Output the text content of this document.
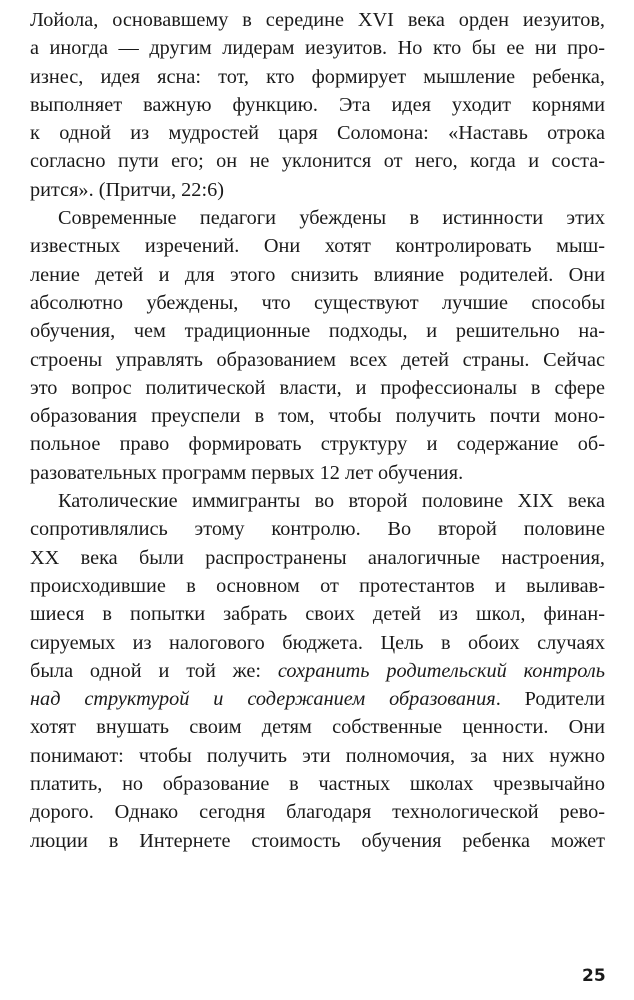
Лойола, основавшему в середине XVI века орден иезуитов,
а иногда — другим лидерам иезуитов. Но кто бы ее ни про-
изнес, идея ясна: тот, кто формирует мышление ребенка,
выполняет важную функцию. Эта идея уходит корнями
к одной из мудростей царя Соломона: «Наставь отрока
согласно пути его; он не уклонится от него, когда и соста-
рится». (Притчи, 22:6)

Современные педагоги убеждены в истинности этих
известных изречений. Они хотят контролировать мыш-
ление детей и для этого снизить влияние родителей. Они
абсолютно убеждены, что существуют лучшие способы
обучения, чем традиционные подходы, и решительно на-
строены управлять образованием всех детей страны. Сейчас
это вопрос политической власти, и профессионалы в сфере
образования преуспели в том, чтобы получить почти моно-
польное право формировать структуру и содержание об-
разовательных программ первых 12 лет обучения.

Католические иммигранты во второй половине XIX века
сопротивлялись этому контролю. Во второй половине
XX века были распространены аналогичные настроения,
происходившие в основном от протестантов и выливав-
шиеся в попытки забрать своих детей из школ, финан-
сируемых из налогового бюджета. Цель в обоих случаях
была одной и той же: сохранить родительский контроль
над структурой и содержанием образования. Родители
хотят внушать своим детям собственные ценности. Они
понимают: чтобы получить эти полномочия, за них нужно
платить, но образование в частных школах чрезвычайно
дорого. Однако сегодня благодаря технологической рево-
люции в Интернете стоимость обучения ребенка может

25
